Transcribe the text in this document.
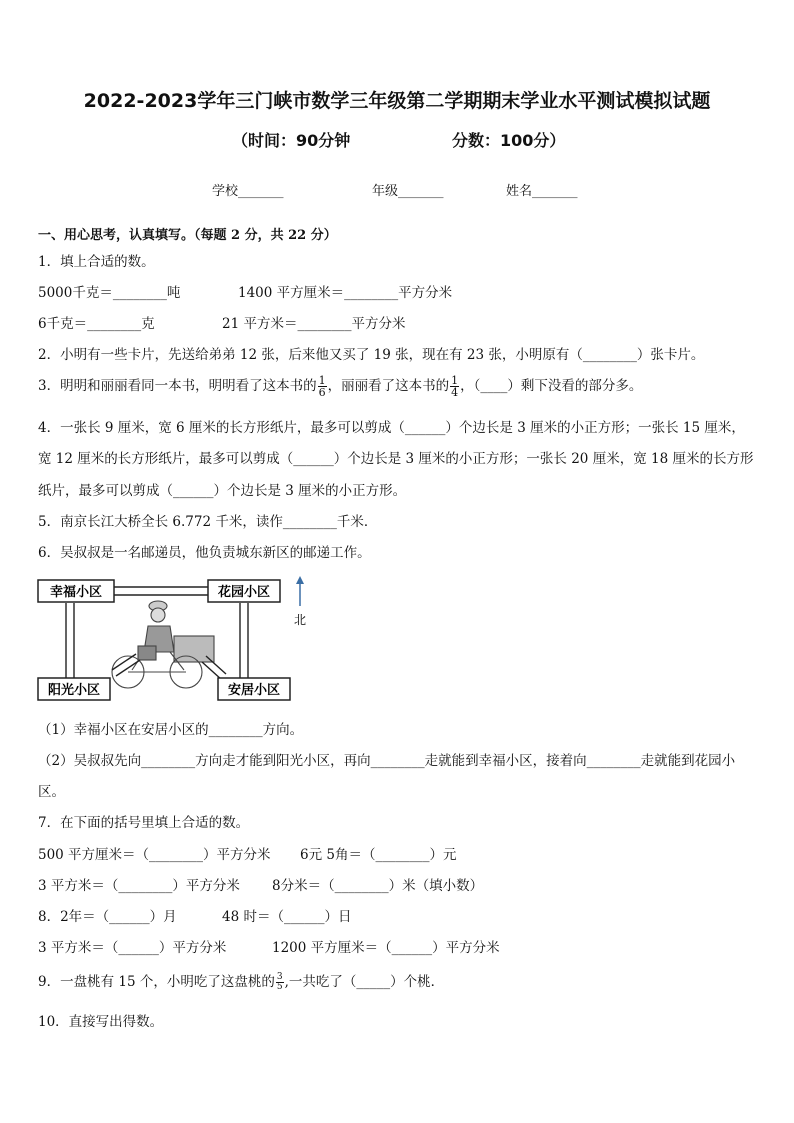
2022-2023学年三门峡市数学三年级第二学期期末学业水平测试模拟试题
（时间：90分钟	分数：100分）
学校_______	年级_______	姓名_______
一、用心思考，认真填写。（每题 2 分，共 22 分）
1．填上合适的数。
5000千克＝________吨	1400 平方厘米＝________平方分米
6千克＝________克	21 平方米＝________平方分米
2．小明有一些卡片，先送给弟弟 12 张，后来他又买了 19 张，现在有 23 张，小明原有（________）张卡片。
3．明明和丽丽看同一本书，明明看了这本书的 $\frac{1}{6}$ ，丽丽看了这本书的 $\frac{1}{4}$ ，（____）剩下没看的部分多。
4．一张长 9 厘米，宽 6 厘米的长方形纸片，最多可以剪成（______）个边长是 3 厘米的小正方形；一张长 15 厘米，
宽 12 厘米的长方形纸片，最多可以剪成（______）个边长是 3 厘米的小正方形；一张长 20 厘米，宽 18 厘米的长方形
纸片，最多可以剪成（______）个边长是 3 厘米的小正方形。
5．南京长江大桥全长 6.772 千米，读作________千米．
6．吴叔叔是一名邮递员，他负责城东新区的邮递工作。
幸福小区	花园小区
阳光小区	安居小区
北
（1）幸福小区在安居小区的________方向。
（2）吴叔叔先向________方向走才能到阳光小区，再向________走就能到幸福小区，接着向________走就能到花园小
区。
7．在下面的括号里填上合适的数。
500 平方厘米＝（________）平方分米 6元 5角＝（________）元
3 平方米＝（________）平方分米 8分米＝（________）米（填小数）
8．2年＝（______）月	48 时＝（______）日
3 平方米＝（______）平方分米	1200 平方厘米＝（______）平方分米
9．一盘桃有 15 个，小明吃了这盘桃的 $\frac{3}{5}$ ,一共吃了（_____）个桃．
10．直接写出得数。
